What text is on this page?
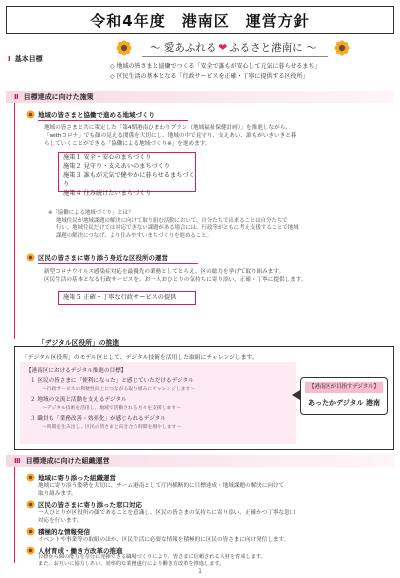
令和4年度　港南区　運営方針
Ⅰ 基本目標
～ 愛あふれる ❤ ふるさと港南に ～
◇ 地域の皆さまと協働でつくる「安全で誰もが安心して元気に暮らせるまち」
◇ 区民生活の基本となる「行政サービスを正確・丁寧に提供する区役所」
Ⅱ 目標達成に向けた施策
地域の皆さまと協働で進める地域づくり
地域の皆さまと共に策定した「第4期港南ひまわりプラン（地域福祉保健計画）」を推進しながら、
「withコロナ」でも顔の見える関係を大切にし、地域の中で見守り、支えあい、誰もがいきいきと暮
らしていくことができる「協働による地域づくり※」を進めます。
施策１ 安全・安心のまちづくり
施策２ 見守り・支えあいのまちづくり
施策３ 誰もが元気で健やかに暮らせるまちづくり
施策４ 住み続けたいまちづくり
※「協働による地域づくり」とは？
地域住民が地域課題の解決に向けて取り組む活動において、自分たちで出来ることは自分たちで
行い、地域住民だけでは対応できない課題がある場合には、行政等がともに考え支援することで地域
課題の解決につなげ、より住みやすいまちづくりを進めること。
区民の皆さまに寄り添う身近な区役所の運営
新型コロナウイルス感染症対応を最優先の業務としてとらえ、区の総力を挙げて取り組みます。
区民生活の基本となる行政サービスを、お一人おひとりの気持ちに寄り添い、正確・丁寧に提供します。
施策５ 正確・丁寧な行政サービスの提供
「デジタル区役所」の推進
「デジタル区役所」のモデル区として、デジタル技術を活用した取組にチャレンジします。
【港南区におけるデジタル推進の目標】
１ 区民の皆さまに「便利になった」と感じていただけるデジタル
～行政サービスの利便性向上につながる取り組みにチャレンジします～
２ 地域の交流と活動を支えるデジタル
～デジタル技術を活用し、地域で活動される方々を支援します～
３ 職員も「業務改善・効率化」が感じられるデジタル
～時間を生み出し、区民の皆さまと向き合う時間を増やします～
【港南区が目指すデジタル】
あったかデジタル 港南
Ⅲ 目標達成に向けた組織運営
地域に寄り添った組織運営
地域に寄り添う姿勢を大切に、チーム港南として庁内横断的に目標達成・地域課題の解決に向けて
取り組みます。
区民の皆さまに寄り添った窓口対応
一人ひとりが区役所の顔であることを意識し、区民の皆さまの気持ちに寄り添い、正確かつ丁寧な窓口
対応を行います。
積極的な情報発信
イベントや事業等の取組のほか、区民生活に必要な情報を積極的に区民の皆さまに向け発信します。
人材育成・働き方改革の推進
目標から個の能力を存分に発揮できる職場づくりにより、皆さまに信頼される人材を育成します。
また、お互いに協力しあい、効率的な業務遂行により働き方改革を推進します。
1
